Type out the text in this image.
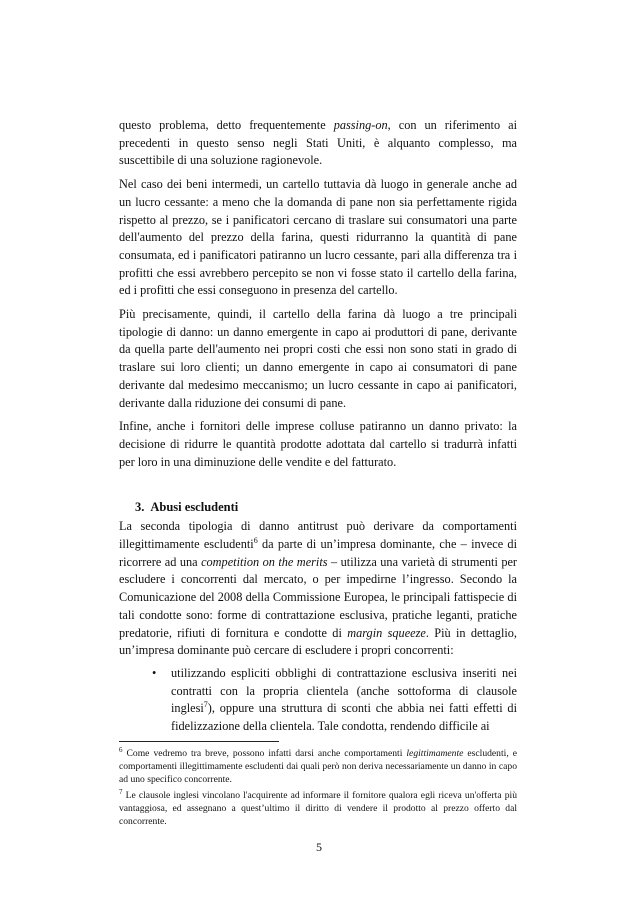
questo problema, detto frequentemente passing-on, con un riferimento ai precedenti in questo senso negli Stati Uniti, è alquanto complesso, ma suscettibile di una soluzione ragionevole.

Nel caso dei beni intermedi, un cartello tuttavia dà luogo in generale anche ad un lucro cessante: a meno che la domanda di pane non sia perfettamente rigida rispetto al prezzo, se i panificatori cercano di traslare sui consumatori una parte dell'aumento del prezzo della farina, questi ridurranno la quantità di pane consumata, ed i panificatori patiranno un lucro cessante, pari alla differenza tra i profitti che essi avrebbero percepito se non vi fosse stato il cartello della farina, ed i profitti che essi conseguono in presenza del cartello.

Più precisamente, quindi, il cartello della farina dà luogo a tre principali tipologie di danno: un danno emergente in capo ai produttori di pane, derivante da quella parte dell'aumento nei propri costi che essi non sono stati in grado di traslare sui loro clienti; un danno emergente in capo ai consumatori di pane derivante dal medesimo meccanismo; un lucro cessante in capo ai panificatori, derivante dalla riduzione dei consumi di pane.

Infine, anche i fornitori delle imprese colluse patiranno un danno privato: la decisione di ridurre le quantità prodotte adottata dal cartello si tradurrà infatti per loro in una diminuzione delle vendite e del fatturato.

3. Abusi escludenti

La seconda tipologia di danno antitrust può derivare da comportamenti illegittimamente escludenti$^6$ da parte di un’impresa dominante, che – invece di ricorrere ad una competition on the merits – utilizza una varietà di strumenti per escludere i concorrenti dal mercato, o per impedirne l’ingresso. Secondo la Comunicazione del 2008 della Commissione Europea, le principali fattispecie di tali condotte sono: forme di contrattazione esclusiva, pratiche leganti, pratiche predatorie, rifiuti di fornitura e condotte di margin squeeze. Più in dettaglio, un’impresa dominante può cercare di escludere i propri concorrenti:

• utilizzando espliciti obblighi di contrattazione esclusiva inseriti nei contratti con la propria clientela (anche sottoforma di clausole inglesi$^7$), oppure una struttura di sconti che abbia nei fatti effetti di fidelizzazione della clientela. Tale condotta, rendendo difficile ai

$^6$ Come vedremo tra breve, possono infatti darsi anche comportamenti legittimamente escludenti, e comportamenti illegittimamente escludenti dai quali però non deriva necessariamente un danno in capo ad uno specifico concorrente.

$^7$ Le clausole inglesi vincolano l'acquirente ad informare il fornitore qualora egli riceva un'offerta più vantaggiosa, ed assegnano a quest’ultimo il diritto di vendere il prodotto al prezzo offerto dal concorrente.

5
